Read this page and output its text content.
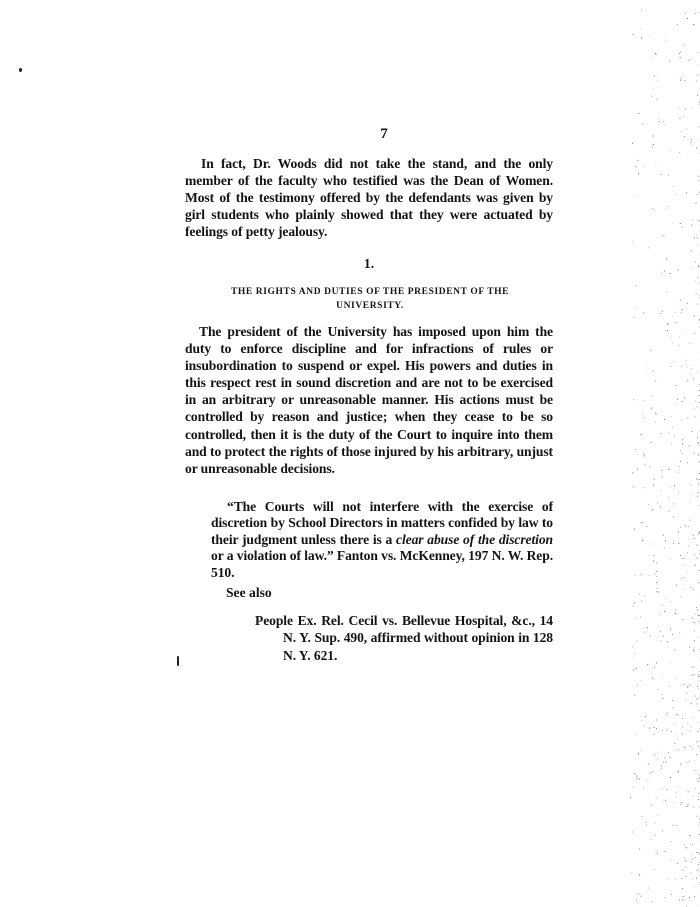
7
In fact, Dr. Woods did not take the stand, and the only member of the faculty who testified was the Dean of Women. Most of the testimony offered by the defendants was given by girl students who plainly showed that they were actuated by feelings of petty jealousy.
1.
THE RIGHTS AND DUTIES OF THE PRESIDENT OF THE UNIVERSITY.
The president of the University has imposed upon him the duty to enforce discipline and for infractions of rules or insubordination to suspend or expel. His powers and duties in this respect rest in sound discretion and are not to be exercised in an arbitrary or unreasonable manner. His actions must be controlled by reason and justice; when they cease to be so controlled, then it is the duty of the Court to inquire into them and to protect the rights of those injured by his arbitrary, unjust or unreasonable decisions.
“The Courts will not interfere with the exercise of discretion by School Directors in matters confided by law to their judgment unless there is a clear abuse of the discretion or a violation of law.” Fanton vs. McKenney, 197 N. W. Rep. 510.
See also
People Ex. Rel. Cecil vs. Bellevue Hospital, &c., 14 N. Y. Sup. 490, affirmed without opinion in 128 N. Y. 621.
